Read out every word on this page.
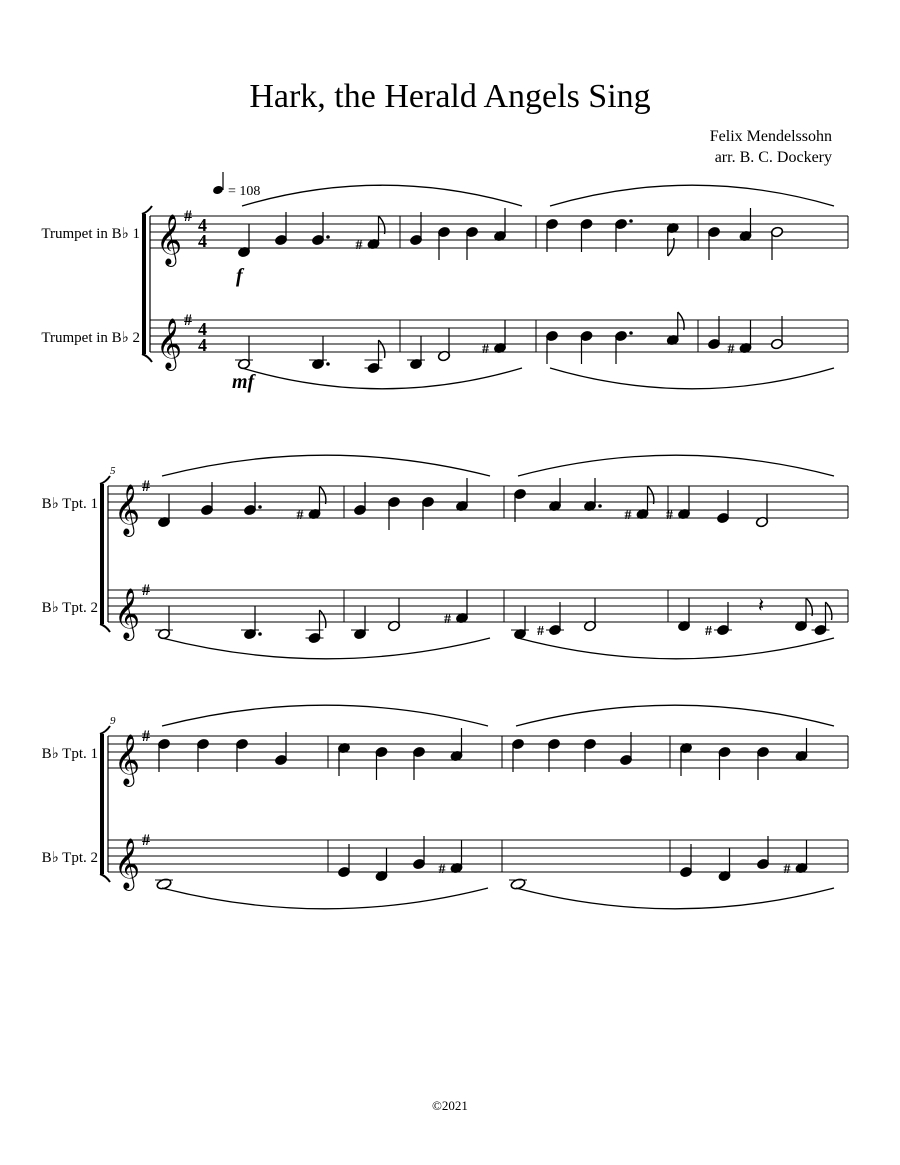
Hark, the Herald Angels Sing
Felix Mendelssohn
arr. B. C. Dockery
Trumpet in B♭ 1
Trumpet in B♭ 2
𝄞 #
𝄞 #
4
4
4
4
= 108
f
mf
#
#	#
B♭ Tpt. 1
B♭ Tpt. 2
5
𝄞 #
𝄞 #
#	# #
#
#	#
𝄽
B♭ Tpt. 1
B♭ Tpt. 2
9
𝄞 #
𝄞 #
#	#
©2021
